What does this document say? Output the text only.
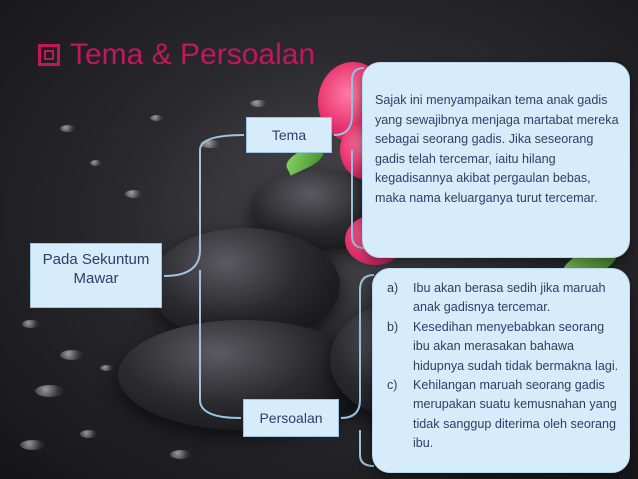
Tema & Persoalan
Pada Sekuntum Mawar
Tema
Persoalan
Sajak ini menyampaikan tema anak gadis yang sewajibnya menjaga martabat mereka sebagai seorang gadis. Jika seseorang gadis telah tercemar, iaitu hilang kegadisannya akibat pergaulan bebas, maka nama keluarganya turut tercemar.
a) Ibu akan berasa sedih jika maruah anak gadisnya tercemar.
b) Kesedihan menyebabkan seorang ibu akan merasakan bahawa hidupnya sudah tidak bermakna lagi.
c) Kehilangan maruah seorang gadis merupakan suatu kemusnahan yang tidak sanggup diterima oleh seorang ibu.
